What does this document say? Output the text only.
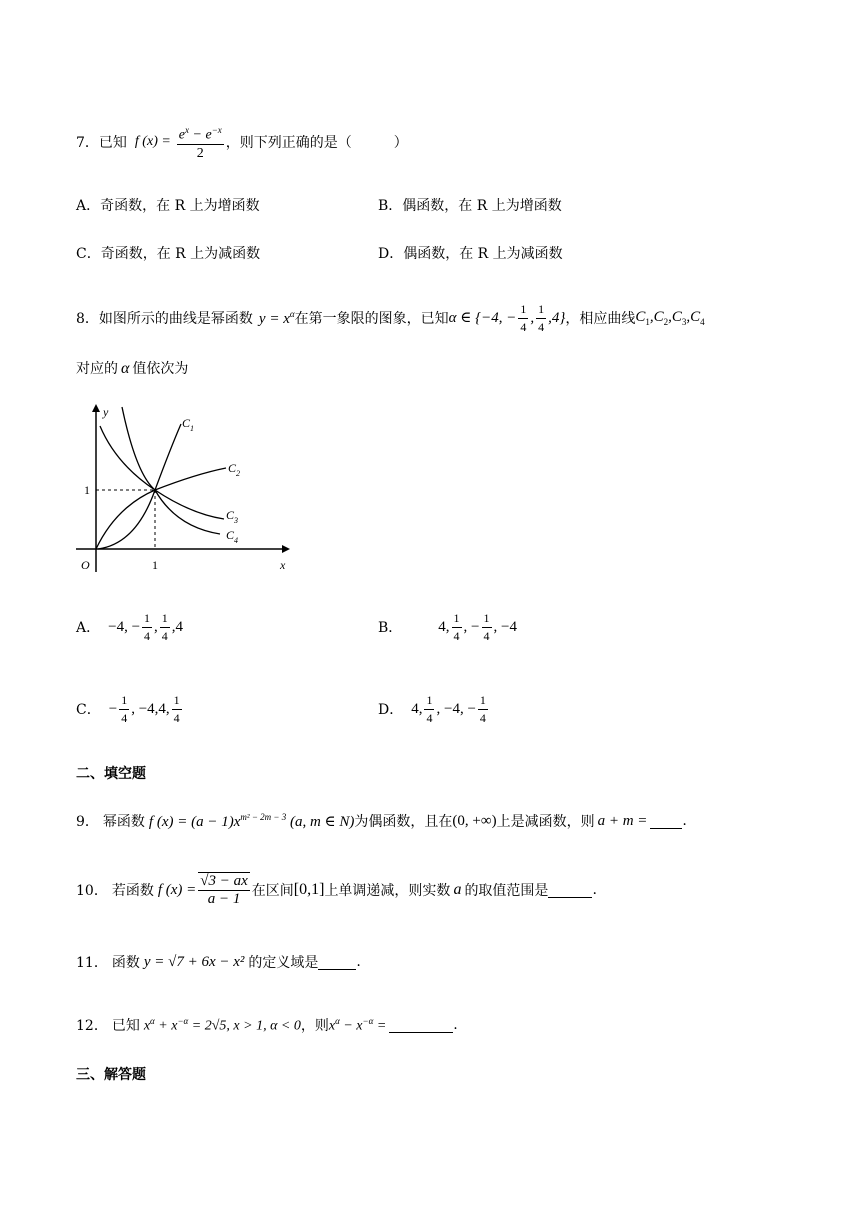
7． 已知 f $(x) = \frac{e^x - e^{-x}}{2}$ ，则下列正确的是（　　　）
A．奇函数，在 R 上为增函数	B．偶函数，在 R 上为增函数
C．奇函数，在 R 上为减函数	D．偶函数，在 R 上为减函数
8． 如图所示的曲线是幂函数 $y = x^\alpha$ 在第一象限的图象，已知 α ∈ {−4, − $\frac{1}{4}$ , $\frac{1}{4} ,4$} ，相应曲线 $C_1,C_2,C_3,C_4$
对应的 α 值依次为
y
x
O	1
1
$C_1$
$C_2$
$C_3$
$C_4$
A． −4, − $\frac{1}{4}$ , $\frac{1}{4} ,4$	B． 4, $\frac{1}{4}$ , − $\frac{1}{4}$ , −4
C． − $\frac{1}{4}$ , −4,4, $\frac{1}{4}$	D． 4, $\frac{1}{4}$ , −4, − $\frac{1}{4}$
二、填空题
9． 幂函数 f $(x) = (a - 1)x^{m^2 - 2m - 3}$ (a, m ∈ N) 为偶函数，且在 (0, +∞) 上是减函数，则 a + m =	.
10． 若函数 f $(x) = \frac{√3 - ax}{a - 1}$ 在区间 [0,1] 上单调递减，则实数 a 的取值范围是	.
11． 函数 y = √7 + 6x − x² 的定义域是	.
12． 已知 $x^\alpha + x^{-\alpha} = 2√5$, x > 1, α < 0 ，则 $x^\alpha - x^{-\alpha}$ =	.
三、解答题
